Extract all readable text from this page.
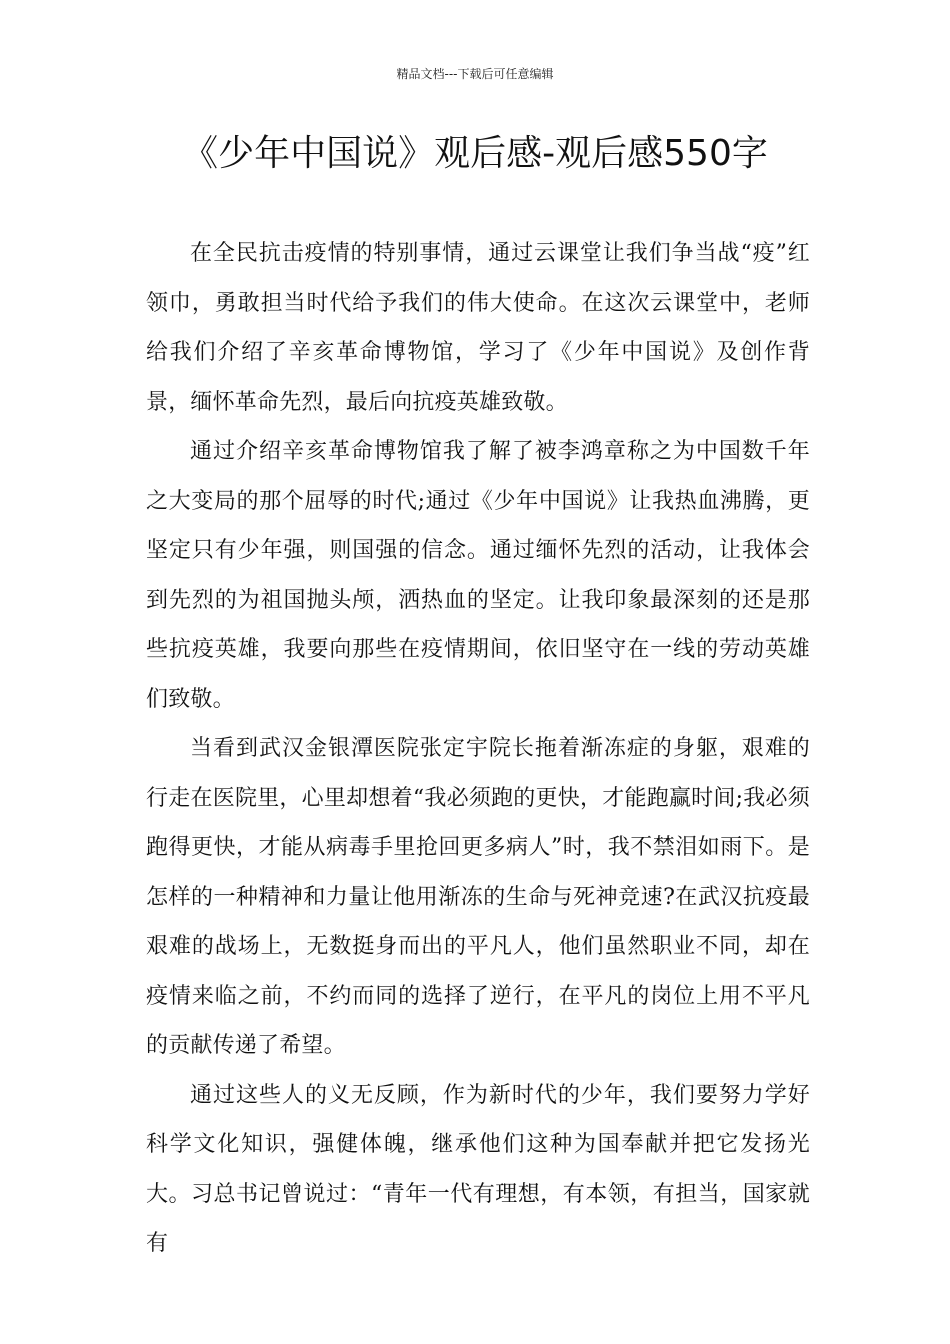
精品文档---下载后可任意编辑
《少年中国说》观后感-观后感550字

在全民抗击疫情的特别事情，通过云课堂让我们争当战“疫”红领巾，勇敢担当时代给予我们的伟大使命。在这次云课堂中，老师给我们介绍了辛亥革命博物馆，学习了《少年中国说》及创作背景，缅怀革命先烈，最后向抗疫英雄致敬。

通过介绍辛亥革命博物馆我了解了被李鸿章称之为中国数千年之大变局的那个屈辱的时代;通过《少年中国说》让我热血沸腾，更坚定只有少年强，则国强的信念。通过缅怀先烈的活动，让我体会到先烈的为祖国抛头颅，洒热血的坚定。让我印象最深刻的还是那些抗疫英雄，我要向那些在疫情期间，依旧坚守在一线的劳动英雄们致敬。

当看到武汉金银潭医院张定宇院长拖着渐冻症的身躯，艰难的行走在医院里，心里却想着“我必须跑的更快，才能跑赢时间;我必须跑得更快，才能从病毒手里抢回更多病人”时，我不禁泪如雨下。是怎样的一种精神和力量让他用渐冻的生命与死神竞速?在武汉抗疫最艰难的战场上，无数挺身而出的平凡人，他们虽然职业不同，却在疫情来临之前，不约而同的选择了逆行，在平凡的岗位上用不平凡的贡献传递了希望。

通过这些人的义无反顾，作为新时代的少年，我们要努力学好科学文化知识，强健体魄，继承他们这种为国奉献并把它发扬光大。习总书记曾说过：“青年一代有理想，有本领，有担当，国家就有
